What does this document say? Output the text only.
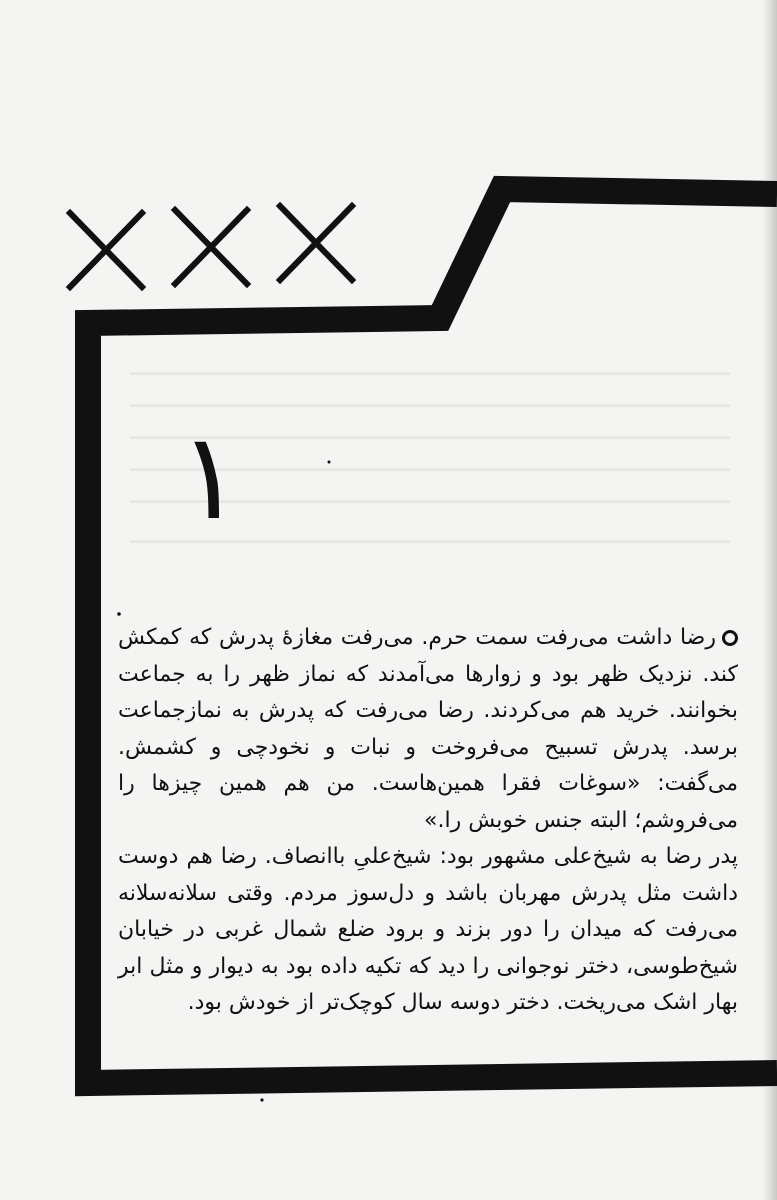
۱

رضا داشت می‌رفت سمت حرم. می‌رفت مغازهٔ پدرش که کمکش کند. نزدیک ظهر بود و زوارها می‌آمدند که نماز ظهر را به جماعت بخوانند. خرید هم می‌کردند. رضا می‌رفت که پدرش به نمازجماعت برسد. پدرش تسبیح می‌فروخت و نبات و نخودچی و کشمش. می‌گفت: «سوغات فقرا همین‌هاست. من هم همین چیزها را می‌فروشم؛ البته جنس خوبش را.»

پدر رضا به شیخ‌علی مشهور بود: شیخ‌علیِ باانصاف. رضا هم دوست داشت مثل پدرش مهربان باشد و دل‌سوز مردم. وقتی سلانه‌سلانه می‌رفت که میدان را دور بزند و برود ضلع شمال غربی در خیابان شیخ‌طوسی، دختر نوجوانی را دید که تکیه داده بود به دیوار و مثل ابر بهار اشک می‌ریخت. دختر دوسه سال کوچک‌تر از خودش بود.
